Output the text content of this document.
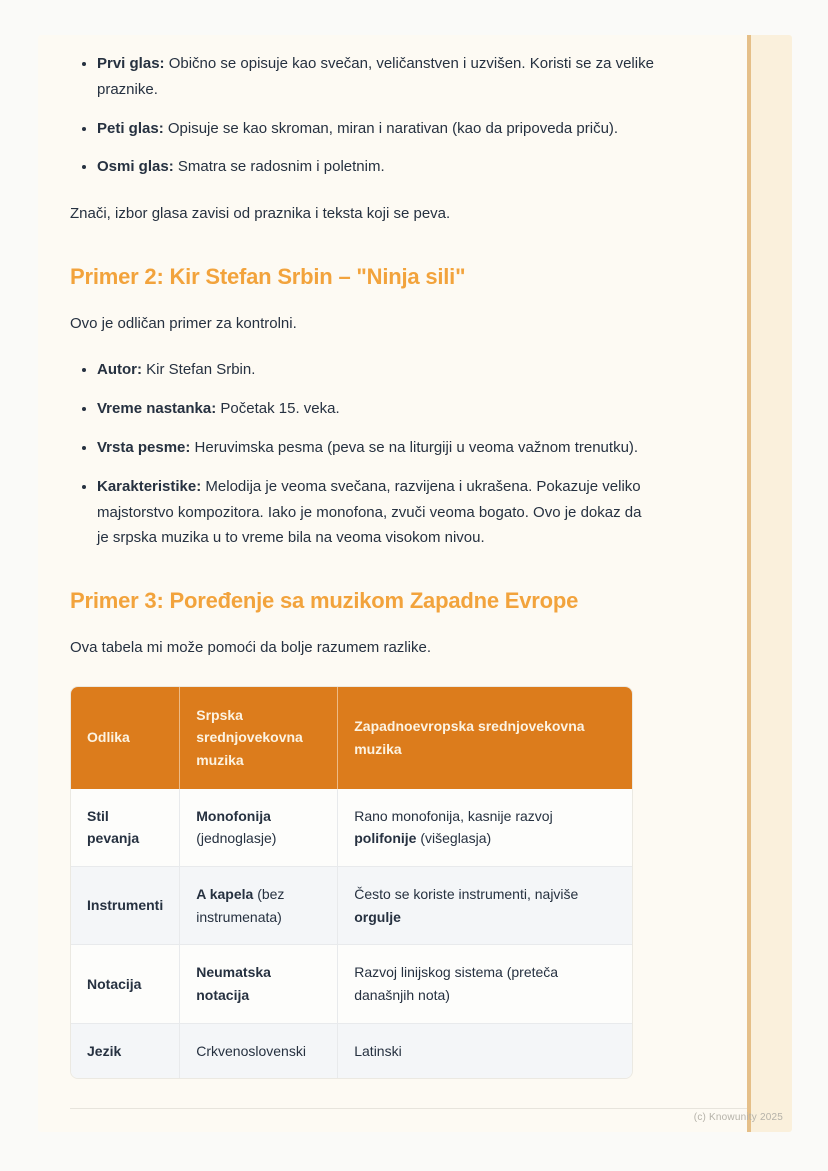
• Prvi glas: Obično se opisuje kao svečan, veličanstven i uzvišen. Koristi se za velike praznike.
• Peti glas: Opisuje se kao skroman, miran i narativan (kao da pripoveda priču).
• Osmi glas: Smatra se radosnim i poletnim.

Znači, izbor glasa zavisi od praznika i teksta koji se peva.

Primer 2: Kir Stefan Srbin – "Ninja sili"

Ovo je odličan primer za kontrolni.

• Autor: Kir Stefan Srbin.
• Vreme nastanka: Početak 15. veka.
• Vrsta pesme: Heruvimska pesma (peva se na liturgiji u veoma važnom trenutku).
• Karakteristike: Melodija je veoma svečana, razvijena i ukrašena. Pokazuje veliko majstorstvo kompozitora. Iako je monofona, zvuči veoma bogato. Ovo je dokaz da je srpska muzika u to vreme bila na veoma visokom nivou.
Primer 3: Poređenje sa muzikom Zapadne Evrope

Ova tabela mi može pomoći da bolje razumem razlike.

Odlika	Srpska srednjovekovna muzika	Zapadnoevropska srednjovekovna muzika
Stil pevanja	Monofonija (jednoglasje)	Rano monofonija, kasnije razvoj polifonije (višeglasja)
Instrumenti	A kapela (bez instrumenata)	Često se koriste instrumenti, najviše orgulje
Notacija	Neumatska notacija	Razvoj linijskog sistema (preteča današnjih nota)
Jezik	Crkvenoslovenski	Latinski
(c) Knowunity 2025
